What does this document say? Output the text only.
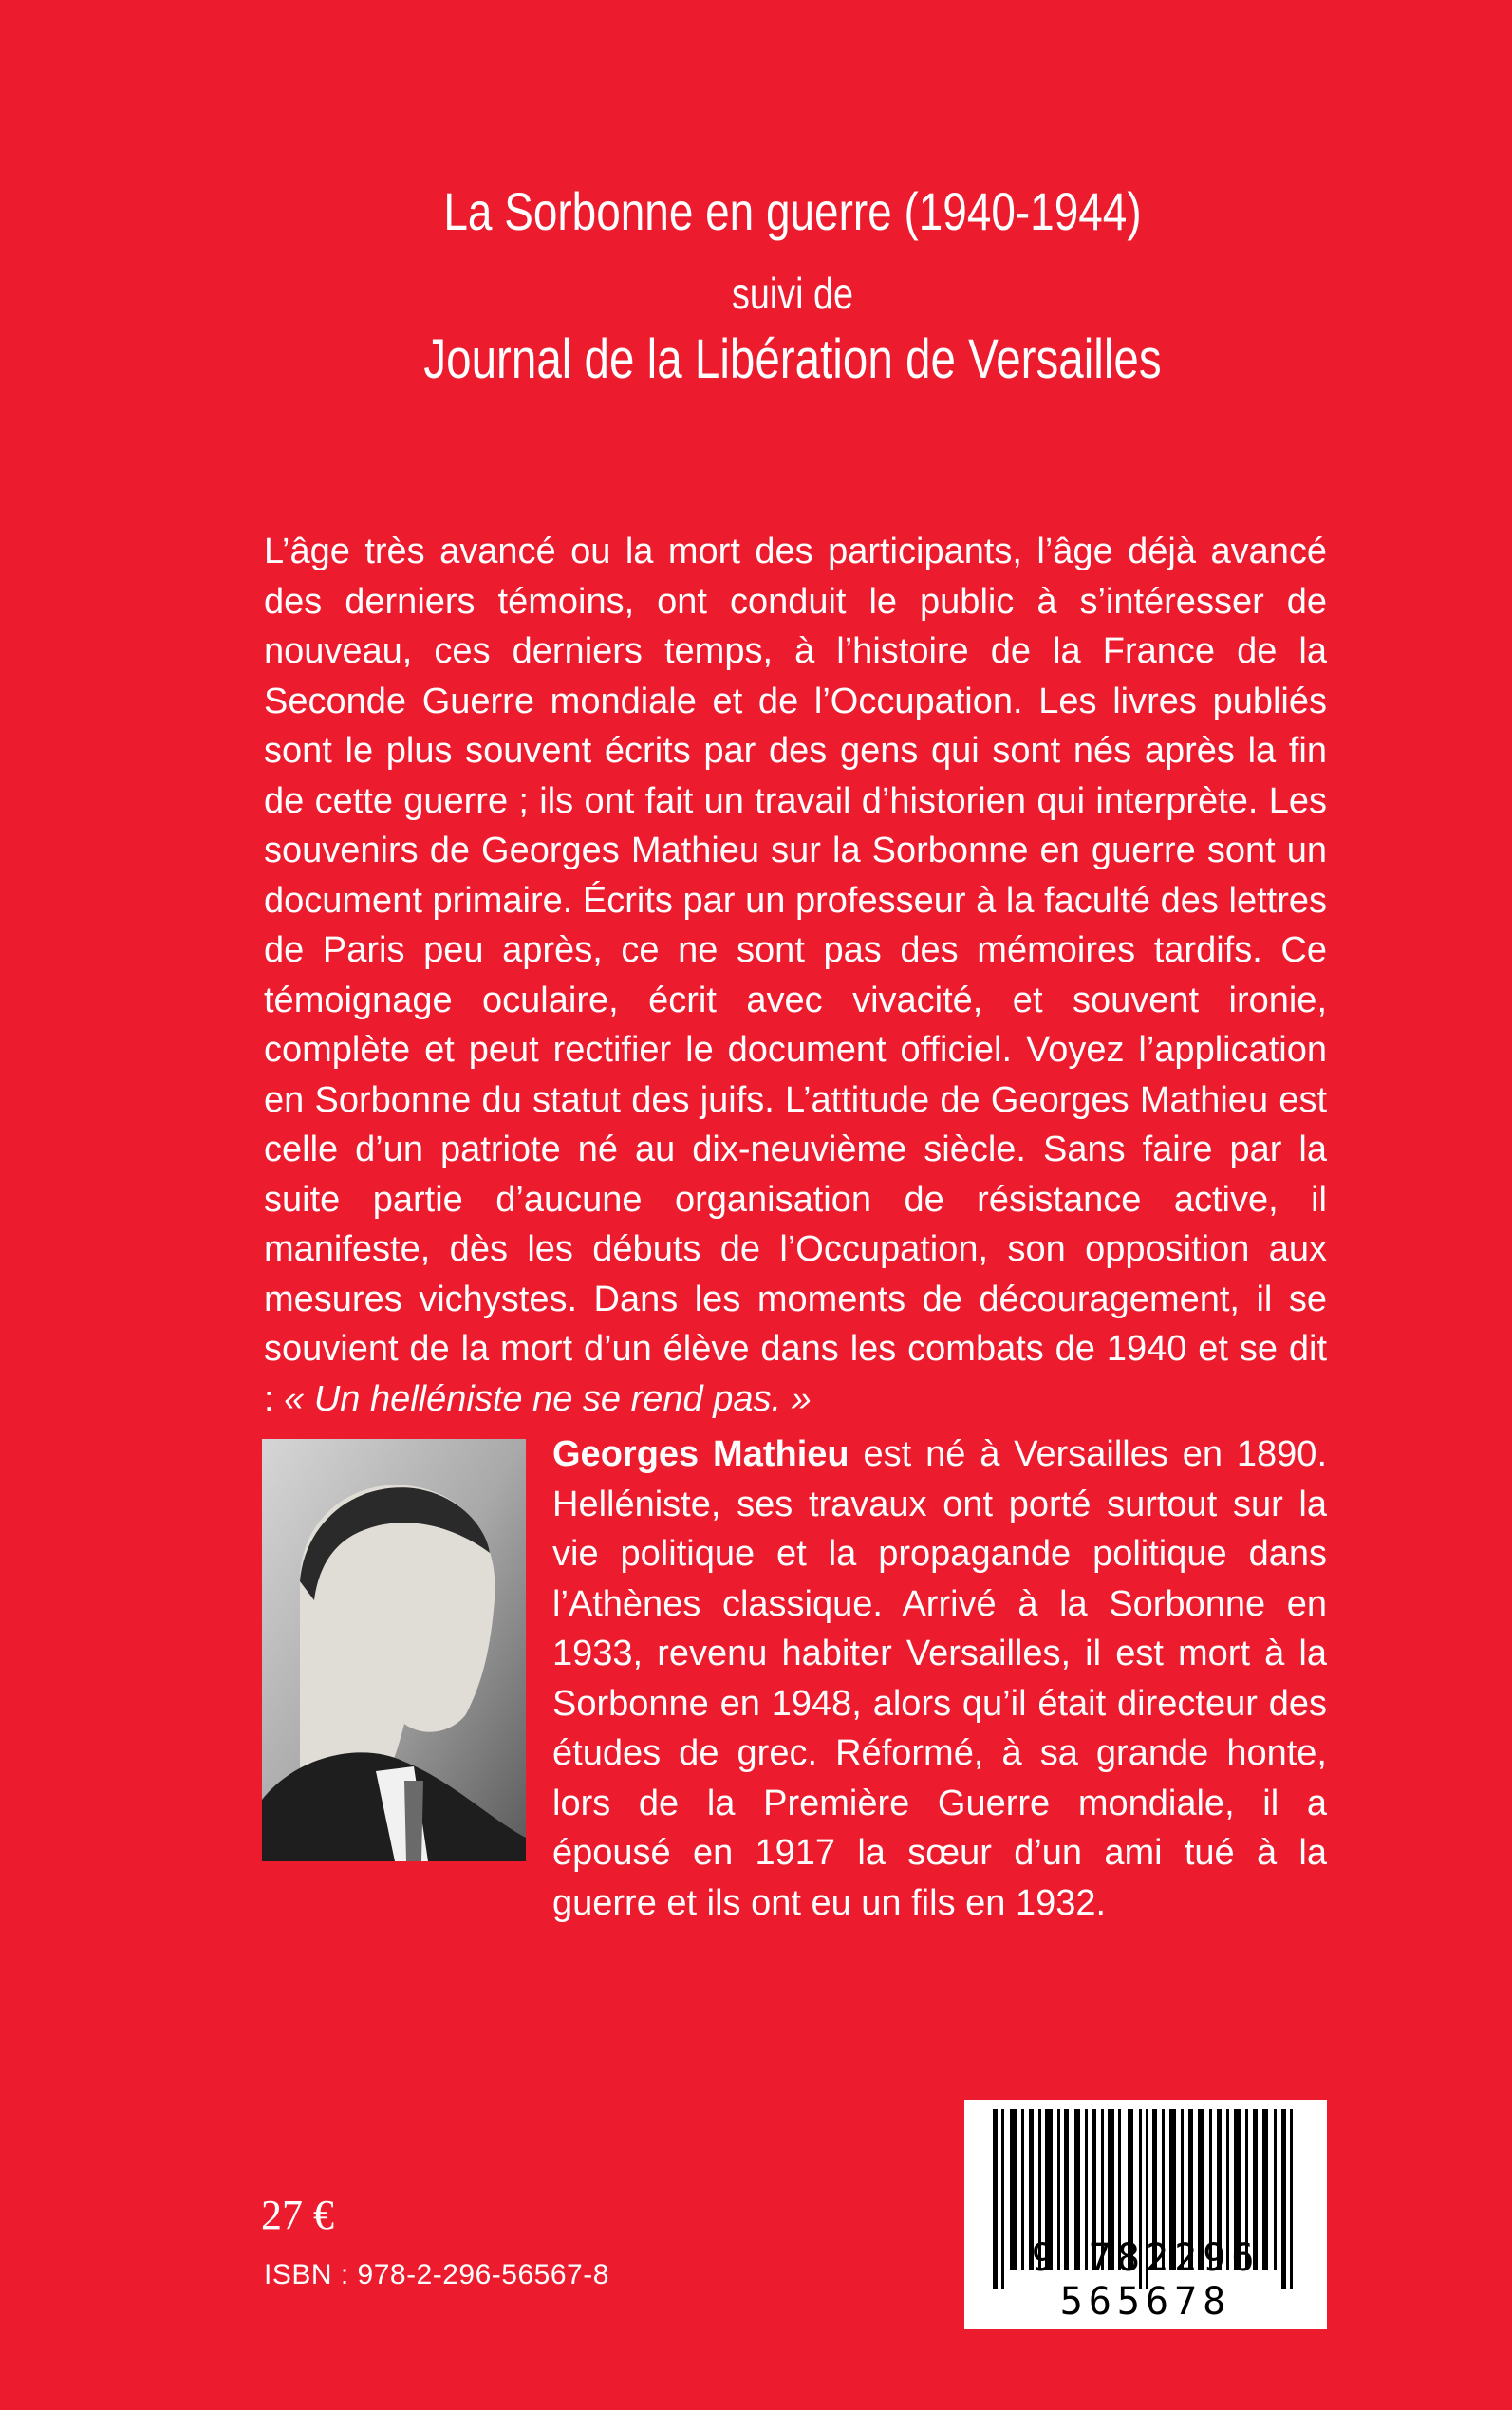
La Sorbonne en guerre (1940-1944)
suivi de
Journal de la Libération de Versailles

L’âge très avancé ou la mort des participants, l’âge déjà avancé des derniers témoins, ont conduit le public à s’intéresser de nouveau, ces derniers temps, à l’histoire de la France de la Seconde Guerre mondiale et de l’Occupation. Les livres publiés sont le plus souvent écrits par des gens qui sont nés après la fin de cette guerre ; ils ont fait un travail d’historien qui interprète. Les souvenirs de Georges Mathieu sur la Sorbonne en guerre sont un document primaire. Écrits par un professeur à la faculté des lettres de Paris peu après, ce ne sont pas des mémoires tardifs. Ce témoignage oculaire, écrit avec vivacité, et souvent ironie, complète et peut rectifier le document officiel. Voyez l’application en Sorbonne du statut des juifs. L’attitude de Georges Mathieu est celle d’un patriote né au dix-neuvième siècle. Sans faire par la suite partie d’aucune organisation de résistance active, il manifeste, dès les débuts de l’Occupation, son opposition aux mesures vichystes. Dans les moments de découragement, il se souvient de la mort d’un élève dans les combats de 1940 et se dit : « Un helléniste ne se rend pas. »

Georges Mathieu est né à Versailles en 1890. Helléniste, ses travaux ont porté surtout sur la vie politique et la propagande politique dans l’Athènes classique. Arrivé à la Sorbonne en 1933, revenu habiter Versailles, il est mort à la Sorbonne en 1948, alors qu’il était directeur des études de grec. Réformé, à sa grande honte, lors de la Première Guerre mondiale, il a épousé en 1917 la sœur d’un ami tué à la guerre et ils ont eu un fils en 1932.

27 €
ISBN : 978-2-296-56567-8	9 782296 565678
